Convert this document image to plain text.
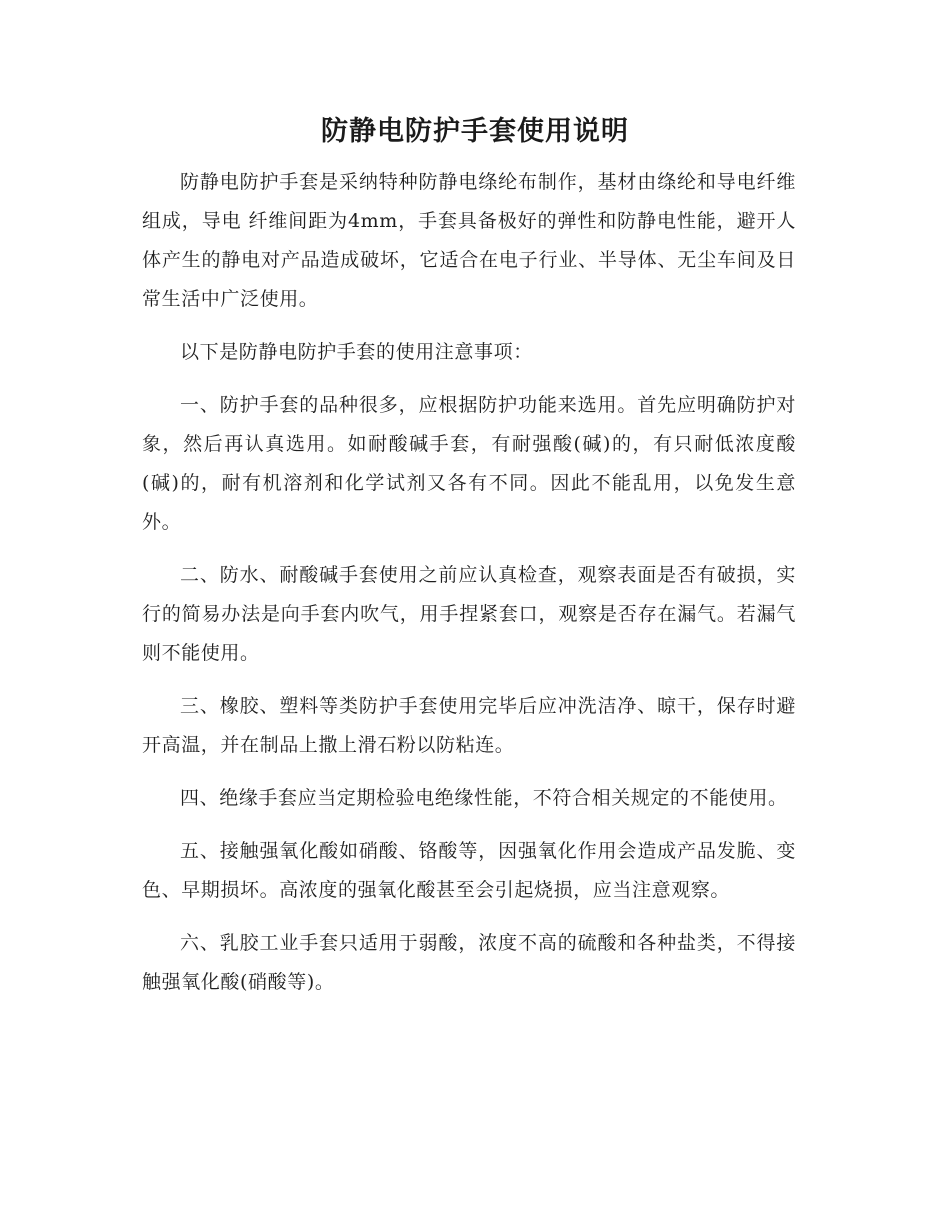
防静电防护手套使用说明

防静电防护手套是采纳特种防静电绦纶布制作，基材由绦纶和导电纤维组成，导电 纤维间距为4mm，手套具备极好的弹性和防静电性能，避开人体产生的静电对产品造成破坏，它适合在电子行业、半导体、无尘车间及日常生活中广泛使用。

以下是防静电防护手套的使用注意事项：

一、防护手套的品种很多，应根据防护功能来选用。首先应明确防护对象，然后再认真选用。如耐酸碱手套，有耐强酸(碱)的，有只耐低浓度酸(碱)的，耐有机溶剂和化学试剂又各有不同。因此不能乱用，以免发生意外。

二、防水、耐酸碱手套使用之前应认真检查，观察表面是否有破损，实行的简易办法是向手套内吹气，用手捏紧套口，观察是否存在漏气。若漏气则不能使用。

三、橡胶、塑料等类防护手套使用完毕后应冲洗洁净、晾干，保存时避开高温，并在制品上撒上滑石粉以防粘连。

四、绝缘手套应当定期检验电绝缘性能，不符合相关规定的不能使用。

五、接触强氧化酸如硝酸、铬酸等，因强氧化作用会造成产品发脆、变色、早期损坏。高浓度的强氧化酸甚至会引起烧损，应当注意观察。

六、乳胶工业手套只适用于弱酸，浓度不高的硫酸和各种盐类，不得接触强氧化酸(硝酸等)。
